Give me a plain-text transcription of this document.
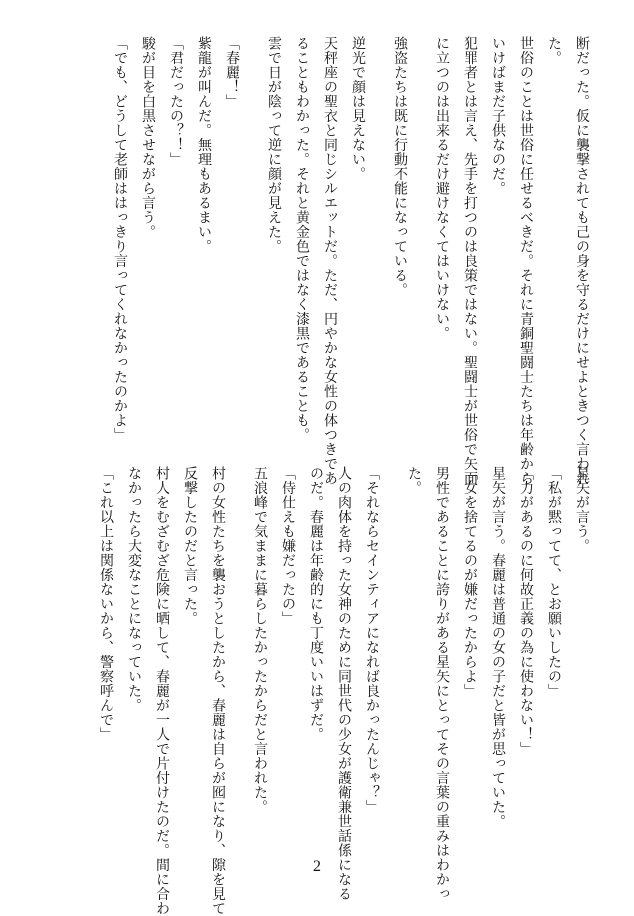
断だった。仮に襲撃されても己の身を守るだけにせよときつく言われ
た。
世俗のことは世俗に任せるべきだ。それに青銅聖闘士たちは年齢から
いけばまだ子供なのだ。
犯罪者とは言え、先手を打つのは良策ではない。聖闘士が世俗で矢面
に立つのは出来るだけ避けなくてはいけない。
強盗たちは既に行動不能になっている。
逆光で顔は見えない。
天秤座の聖衣と同じシルエットだ。ただ、円やかな女性の体つきであ
ることもわかった。それと黄金色ではなく漆黒であることも。
雲で日が陰って逆に顔が見えた。
「春麗！」
紫龍が叫んだ。無理もあるまい。
「君だったの？！」
駿が目を白黒させながら言う。
「でも、どうして老師ははっきり言ってくれなかったのかよ」
星矢が言う。
「私が黙ってて、とお願いしたの」
「力があるのに何故正義の為に使わない！」
星矢が言う。春麗は普通の女の子だと皆が思っていた。
「女を捨てるのが嫌だったからよ」
男性であることに誇りがある星矢にとってその言葉の重みはわかっ
た。
「それならセインティアになれば良かったんじゃ？」
人の肉体を持った女神のために同世代の少女が護衛兼世話係になる
のだ。春麗は年齢的にも丁度いいはずだ。
「侍仕えも嫌だったの」
五浪峰で気ままに暮らしたかったからだと言われた。
村の女性たちを襲おうとしたから、春麗は自らが囮になり、隙を見て
反撃したのだと言った。
村人をむざむざ危険に晒して、春麗が一人で片付けたのだ。間に合わ
なかったら大変なことになっていた。
「これ以上は関係ないから、警察呼んで」
2
